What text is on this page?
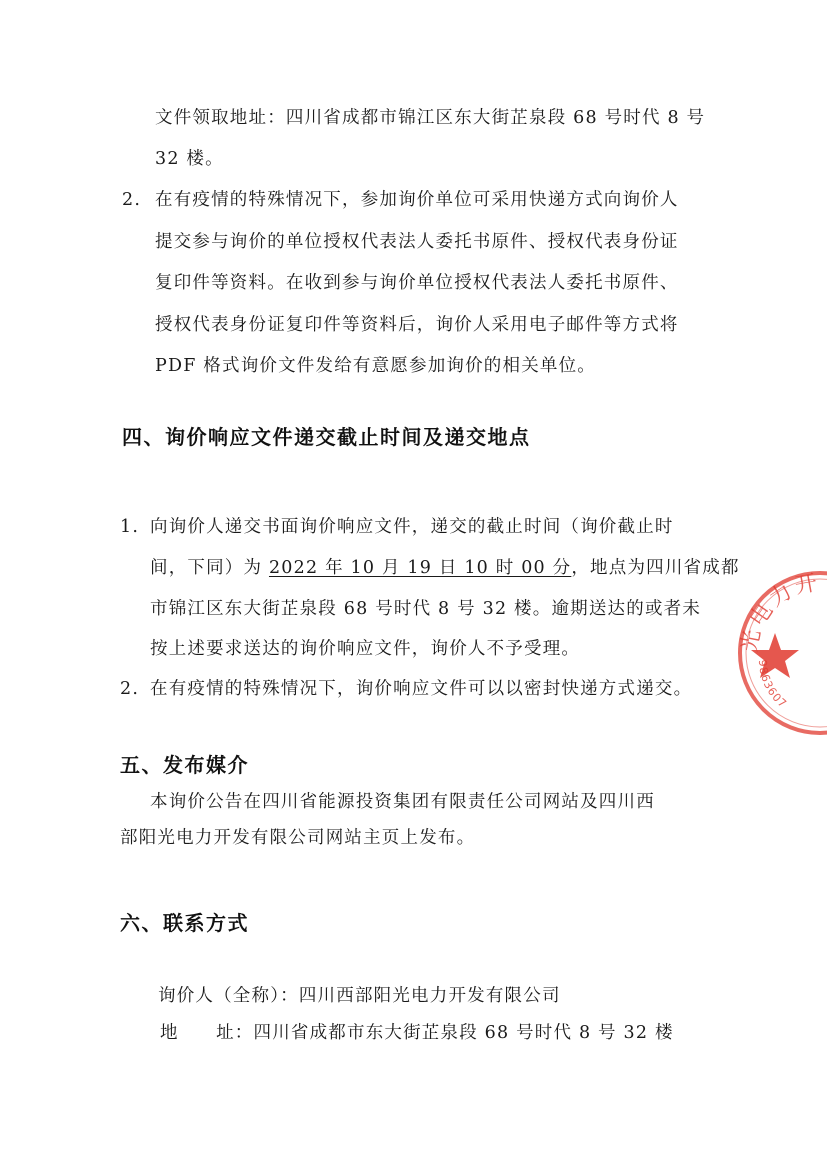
文件领取地址：四川省成都市锦江区东大街芷泉段 68 号时代 8 号
32 楼。
2. 在有疫情的特殊情况下，参加询价单位可采用快递方式向询价人
提交参与询价的单位授权代表法人委托书原件、授权代表身份证
复印件等资料。在收到参与询价单位授权代表法人委托书原件、
授权代表身份证复印件等资料后，询价人采用电子邮件等方式将
PDF 格式询价文件发给有意愿参加询价的相关单位。
四、询价响应文件递交截止时间及递交地点
1. 向询价人递交书面询价响应文件，递交的截止时间（询价截止时
间，下同）为 2022 年 10 月 19 日 10 时 00 分，地点为四川省成都
市锦江区东大街芷泉段 68 号时代 8 号 32 楼。逾期送达的或者未
按上述要求送达的询价响应文件，询价人不予受理。
2. 在有疫情的特殊情况下，询价响应文件可以以密封快递方式递交。
五、发布媒介
本询价公告在四川省能源投资集团有限责任公司网站及四川西
部阳光电力开发有限公司网站主页上发布。
六、联系方式
询价人（全称）：四川西部阳光电力开发有限公司
地　　址：四川省成都市东大街芷泉段 68 号时代 8 号 32 楼
光电力开
9863607
